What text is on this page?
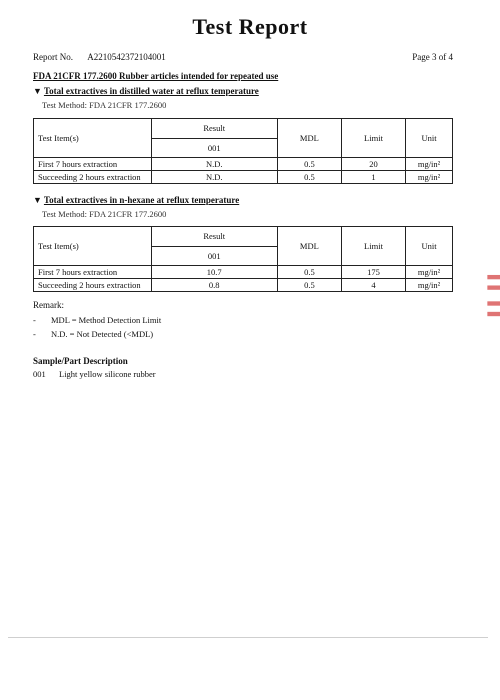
Test Report
Report No. A2210542372104001	Page 3 of 4
FDA 21CFR 177.2600 Rubber articles intended for repeated use
▼ Total extractives in distilled water at reflux temperature
Test Method: FDA 21CFR 177.2600
Test Item(s)	Result	MDL	Limit	Unit
	001			
First 7 hours extraction	N.D.	0.5	20	mg/in²
Succeeding 2 hours extraction	N.D.	0.5	1	mg/in²
▼ Total extractives in n-hexane at reflux temperature
Test Method: FDA 21CFR 177.2600
Test Item(s)	Result	MDL	Limit	Unit
	001			
First 7 hours extraction	10.7	0.5	175	mg/in²
Succeeding 2 hours extraction	0.8	0.5	4	mg/in²
Remark:
- MDL = Method Detection Limit
- N.D. = Not Detected (<MDL)
Sample/Part Description
001 Light yellow silicone rubber
▌▌ ▌▌
